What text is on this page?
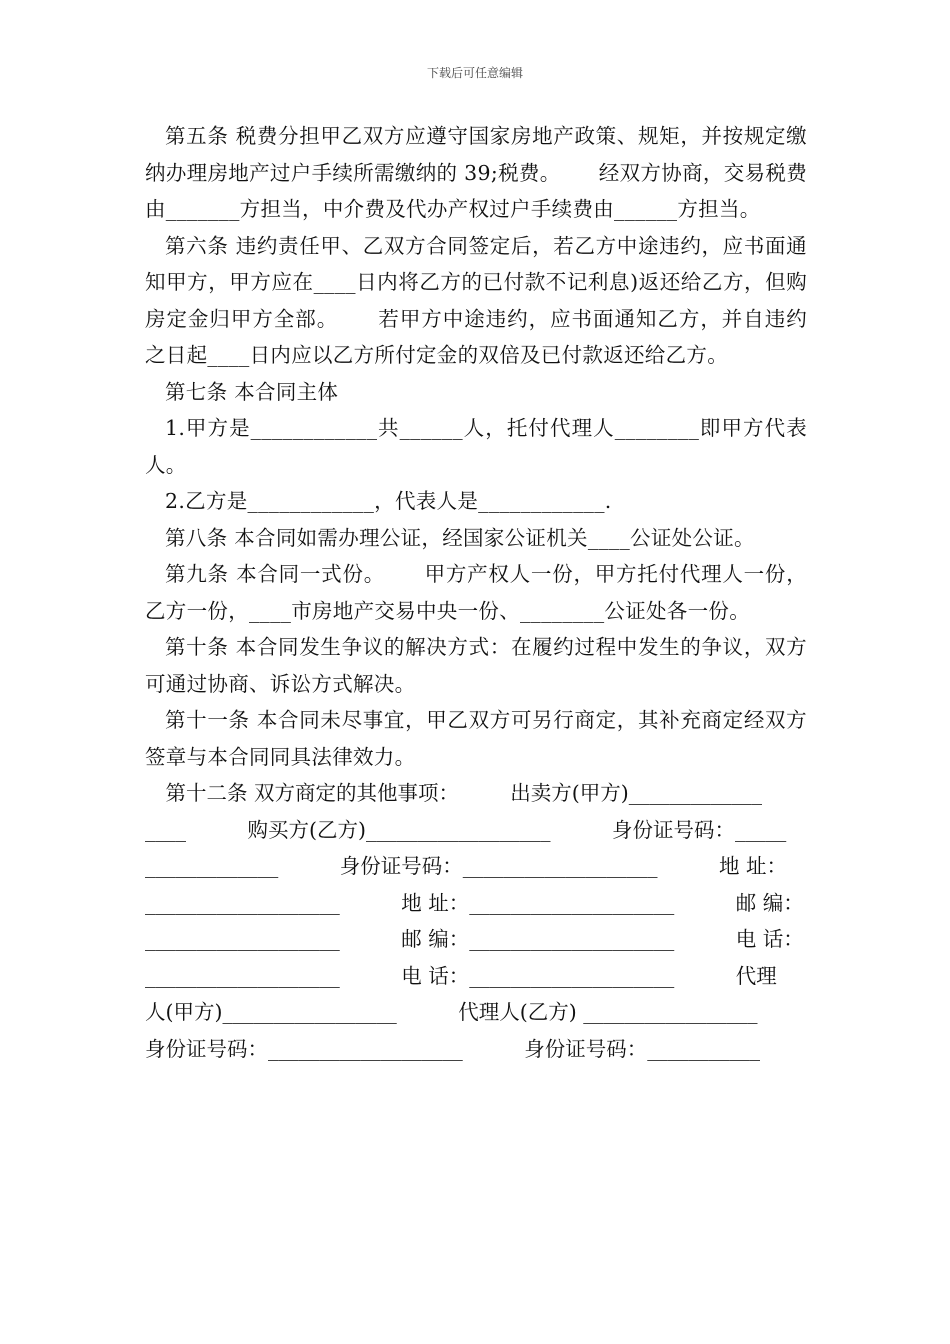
下载后可任意编辑
第五条 税费分担甲乙双方应遵守国家房地产政策、规矩，并按规定缴纳办理房地产过户手续所需缴纳的 39;税费。　　 经双方协商，交易税费由_______方担当，中介费及代办产权过户手续费由______方担当。
第六条 违约责任甲、乙双方合同签定后，若乙方中途违约，应书面通知甲方，甲方应在____日内将乙方的已付款不记利息)返还给乙方，但购房定金归甲方全部。　　 若甲方中途违约，应书面通知乙方，并自违约之日起____日内应以乙方所付定金的双倍及已付款返还给乙方。
第七条 本合同主体
1.甲方是____________共______人，托付代理人________即甲方代表人。
2.乙方是____________，代表人是____________.
第八条 本合同如需办理公证，经国家公证机关____公证处公证。
第九条 本合同一式份。　　 甲方产权人一份，甲方托付代理人一份，乙方一份，____市房地产交易中央一份、________公证处各一份。
第十条 本合同发生争议的解决方式：在履约过程中发生的争议，双方可通过协商、诉讼方式解决。
第十一条 本合同未尽事宜，甲乙双方可另行商定，其补充商定经双方签章与本合同同具法律效力。
　第十二条 双方商定的其他事项：　　　出卖方(甲方)_____________
____　　　购买方(乙方)__________________　　　身份证号码：_____
_____________　　　身份证号码：___________________　　　地 址：
___________________　　　地 址：____________________　　　邮 编：
___________________　　　邮 编：____________________　　　电 话：
___________________　　　电 话：____________________　　　代理
人(甲方)_________________　　　代理人(乙方) _________________
身份证号码：___________________　　　身份证号码：___________
